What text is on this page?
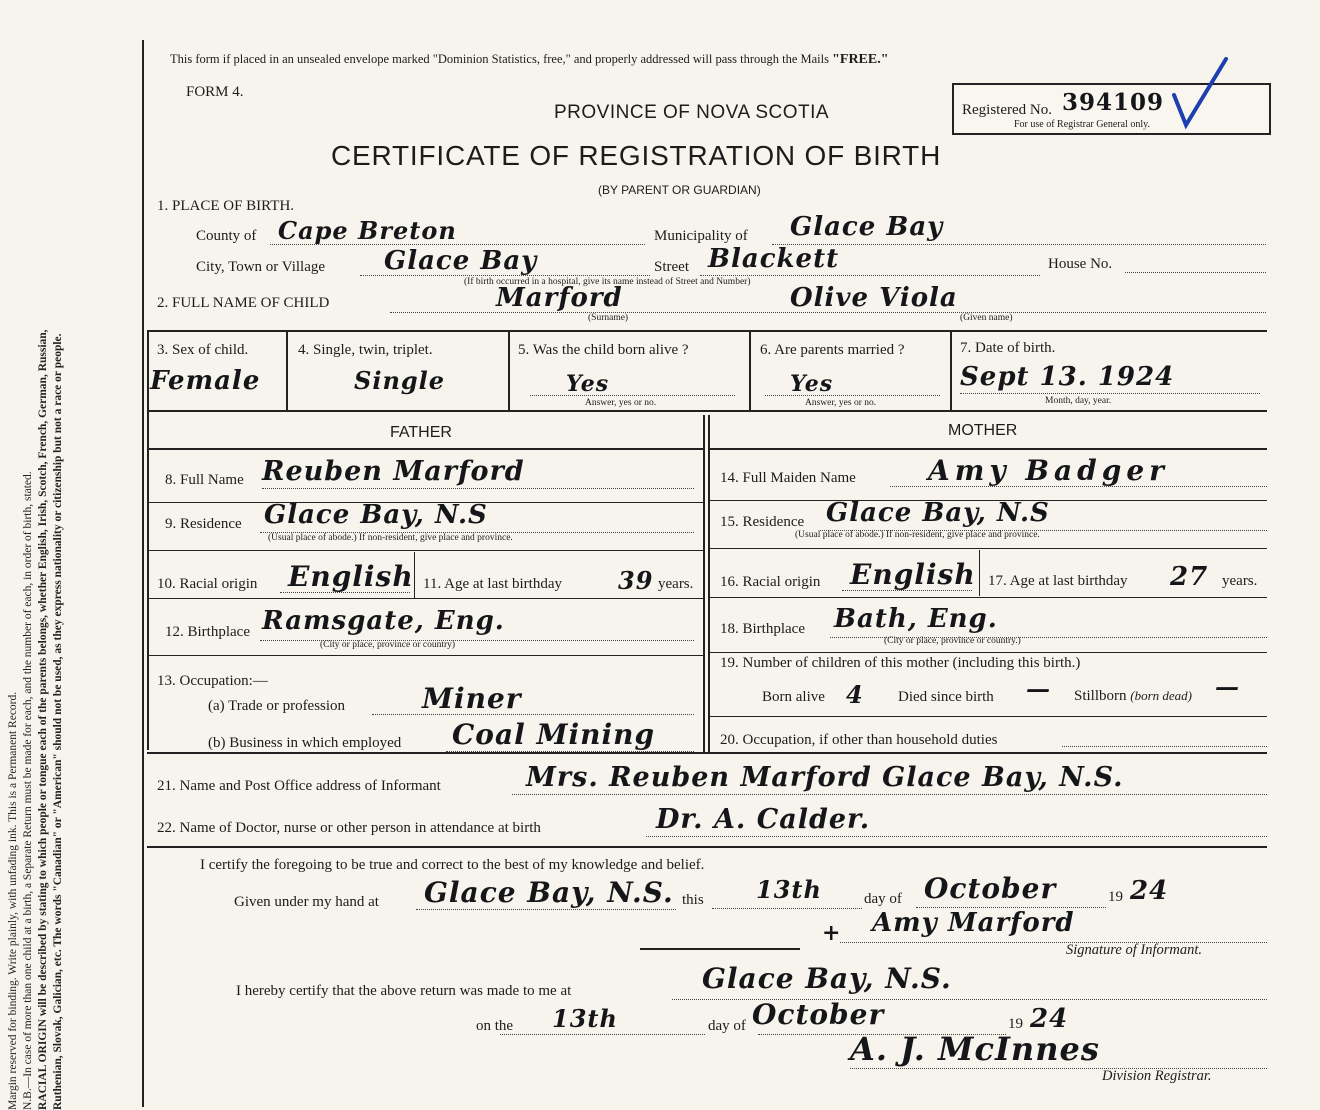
Margin reserved for binding. Write plainly, with unfading ink. This is a Permanent Record. N.B.—In case of more than one child at a birth, a Separate Return must be made for each, and the number of each, in order of birth, stated. RACIAL ORIGIN will be described by stating to which people or tongue each of the parents belongs, whether English, Irish, Scotch, French, German, Russian, Ruthenian, Slovak, Galician, etc. The words "Canadian" or "American" should not be used, as they express nationality or citizenship but not a race or people.

This form if placed in an unsealed envelope marked "Dominion Statistics, free," and properly addressed will pass through the Mails "FREE."
FORM 4.
PROVINCE OF NOVA SCOTIA
CERTIFICATE OF REGISTRATION OF BIRTH
(BY PARENT OR GUARDIAN)
Registered No. 394109
For use of Registrar General only.
1. PLACE OF BIRTH.
County of Cape Breton	Municipality of Glace Bay
City, Town or Village Glace Bay	Street Blackett	House No.
(If birth occurred in a hospital, give its name instead of Street and Number)
2. FULL NAME OF CHILD	Marford
(Surname)
Olive Viola
(Given name)
3. Sex of child.
Female
4. Single, twin, triplet.
Single
5. Was the child born alive ?
Yes
Answer, yes or no.
6. Are parents married ?
Yes
Answer, yes or no.
7. Date of birth.
Sept 13. 1924
Month, day, year.
FATHER	MOTHER
8. Full Name Reuben Marford
9. Residence Glace Bay, N.S
(Usual place of abode.) If non-resident, give place and province.
10. Racial origin English 11. Age at last birthday 39 years.
12. Birthplace Ramsgate, Eng.
(City or place, province or country)
13. Occupation:—
(a) Trade or profession	Miner
(b) Business in which employed Coal Mining
14. Full Maiden Name	Amy Badger
15. Residence Glace Bay, N.S
(Usual place of abode.) If non-resident, give place and province.
16. Racial origin English 17. Age at last birthday 27 years.
18. Birthplace Bath, Eng.
(City or place, province or country.)
19. Number of children of this mother (including this birth.)
Born alive 4 Died since birth — Stillborn (born dead) —
20. Occupation, if other than household duties
21. Name and Post Office address of Informant	Mrs. Reuben Marford Glace Bay, N.S.
22. Name of Doctor, nurse or other person in attendance at birth	Dr. A. Calder.
I certify the foregoing to be true and correct to the best of my knowledge and belief.
Given under my hand at Glace Bay, N.S. this 13th	day of October	19 24
+ Amy Marford
Signature of Informant.
I hereby certify that the above return was made to me at	Glace Bay, N.S.
on the 13th	day of October	19 24
A. J. McInnes
Division Registrar.
